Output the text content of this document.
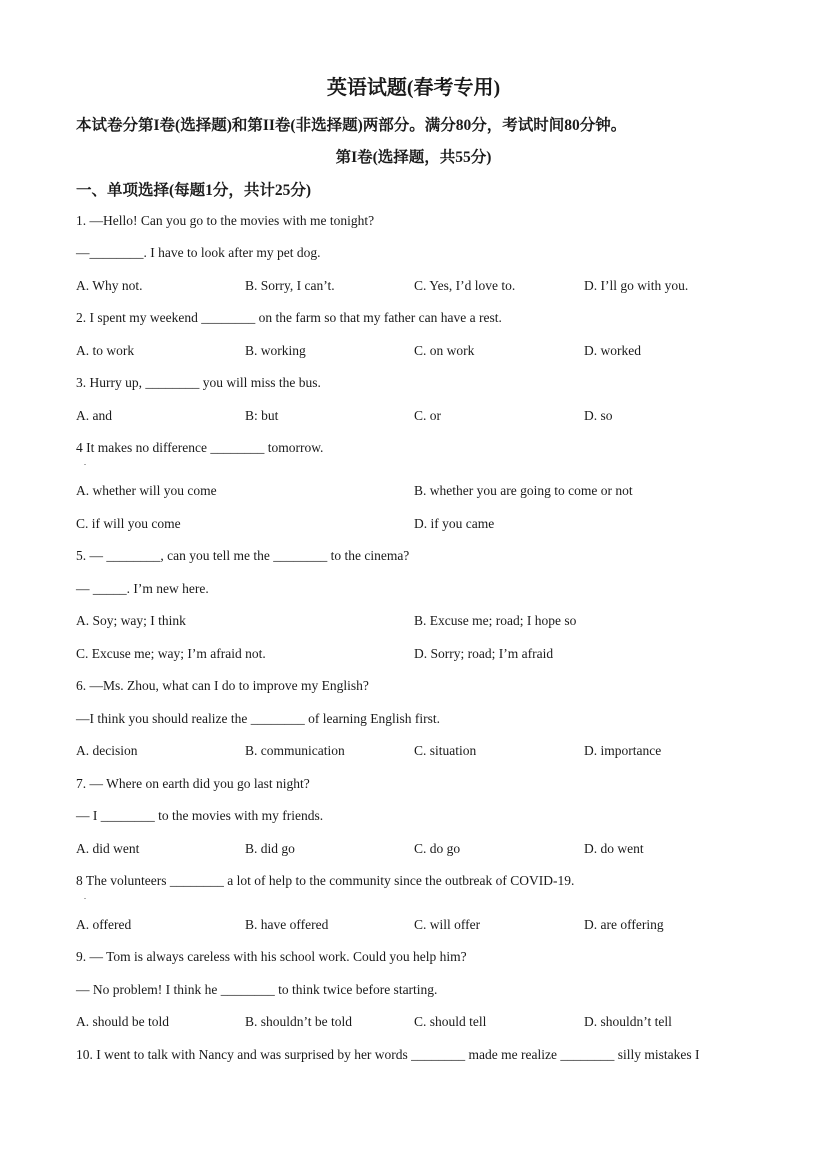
英语试题(春考专用)
本试卷分第I卷(选择题)和第II卷(非选择题)两部分。满分80分，考试时间80分钟。
第I卷(选择题，共55分)
一、单项选择(每题1分，共计25分)
1. —Hello! Can you go to the movies with me tonight?
—________. I have to look after my pet dog.
A. Why not.	B. Sorry, I can’t.	C. Yes, I’d love to.	D. I’ll go with you.
2. I spent my weekend ________ on the farm so that my father can have a rest.
A. to work	B. working	C. on work	D. worked
3. Hurry up, ________ you will miss the bus.
A. and	B: but	C. or	D. so
4 It makes no difference ________ tomorrow.
.
A. whether will you come	B. whether you are going to come or not
C. if will you come	D. if you came
5. — ________, can you tell me the ________ to the cinema?
— _____. I’m new here.
A. Soy; way; I think	B. Excuse me; road; I hope so
C. Excuse me; way; I’m afraid not.	D. Sorry; road; I’m afraid
6. —Ms. Zhou, what can I do to improve my English?
—I think you should realize the ________ of learning English first.
A. decision	B. communication	C. situation	D. importance
7. — Where on earth did you go last night?
— I ________ to the movies with my friends.
A. did went	B. did go	C. do go	D. do went
8 The volunteers ________ a lot of help to the community since the outbreak of COVID-19.
.
A. offered	B. have offered	C. will offer	D. are offering
9. — Tom is always careless with his school work. Could you help him?
— No problem! I think he ________ to think twice before starting.
A. should be told	B. shouldn’t be told	C. should tell	D. shouldn’t tell
10. I went to talk with Nancy and was surprised by her words ________ made me realize ________ silly mistakes I
